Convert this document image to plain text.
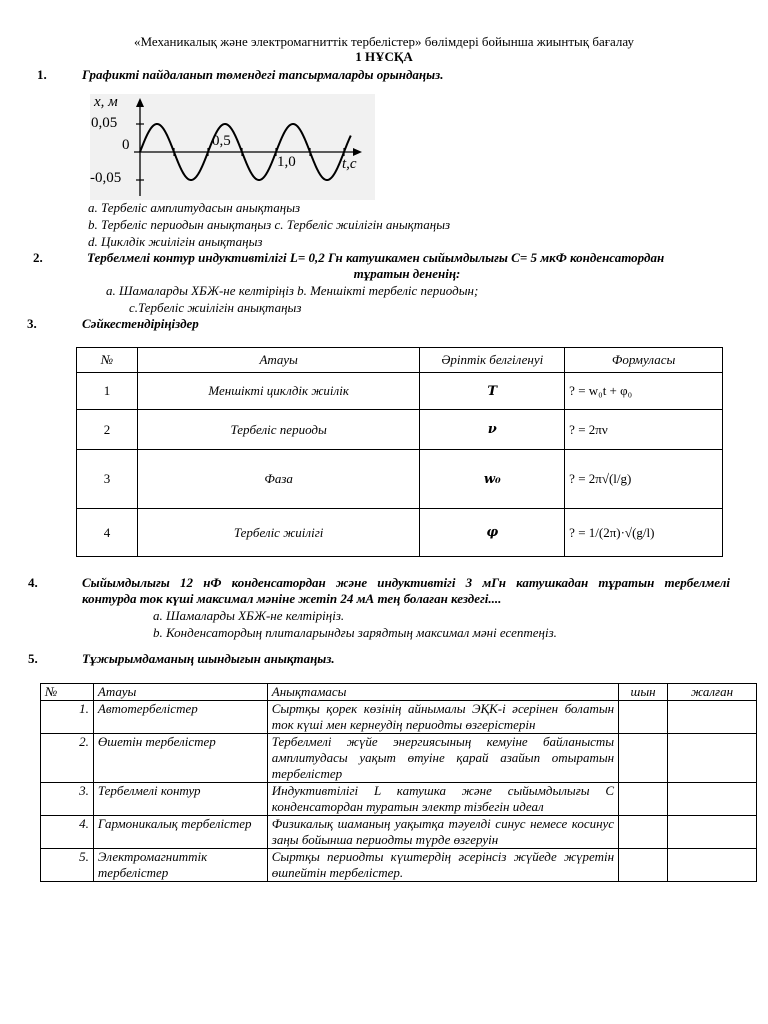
«Механикалық және электромагниттік тербелістер» бөлімдері бойынша жиынтық бағалау
1 НҰСҚА
1.	Графикті пайдаланып төмендегі тапсырмаларды орындаңыз.
x, м
0,05
0
-0,05
0,5
1,0	t,c
a. Тербеліс амплитудасын анықтаңыз
b. Тербеліс периодын анықтаңыз c. Тербеліс жиілігін анықтаңыз
d. Циклдік жиілігін анықтаңыз
2.	Тербелмелі контур индуктивтілігі L= 0,2 Гн катушкамен сыйымдылығы С= 5 мкФ конденсатордан
тұратын дененің:
a. Шамаларды ХБЖ-не келтіріңіз b. Меншікті тербеліс периодын;
c.Тербеліс жиілігін анықтаңыз
3.	Сәйкестендіріңіздер
№	Атауы	Әріптік белгіленуі	Формуласы
1	Меншікті циклдік жиілік	T	? = w₀t + φ₀
2	Тербеліс периоды	ν	? = 2πν
3	Фаза	w₀	? = 2π√(l/g)
4	Тербеліс жиілігі	φ	? = 1/(2π)·√(g/l)
4.	Сыйымдылығы 12 нФ конденсатордан және индуктивтігі 3 мГн катушкадан тұратын тербелмелі
контурда ток күші максимал мәніне жетіп 24 мА тең болаған кездегі....
a. Шамаларды ХБЖ-не келтіріңіз.
b. Конденсатордың плиталарындғы зарядтың максимал мәні есептеңіз.
5.	Тұжырымдаманың шындығын анықтаңыз.
№	Атауы	Анықтамасы	шын	жалған
1.	Автотербелістер	Сыртқы қорек көзінің айнымалы ЭҚК-і әсерінен болатын ток күші мен кернеудің периодты өзгерістерін		
2.	Өшетін тербелістер	Тербелмелі жүйе энергиясының кемуіне байланысты амплитудасы уақыт өтуіне қарай азайып отыратын тербелістер		
3.	Тербелмелі контур	Индуктивтілігі L катушка және сыйымдылығы С конденсатордан туратын электр тізбегін идеал		
4.	Гармоникалық тербелістер	Физикалық шаманың уақытқа тәуелді синус немесе косинус заңы бойынша периодты түрде өзгеруін		
5.	Электромагниттік тербелістер	Сыртқы периодты күштердің әсерінсіз жүйеде жүретін өшпейтін тербелістер.		
